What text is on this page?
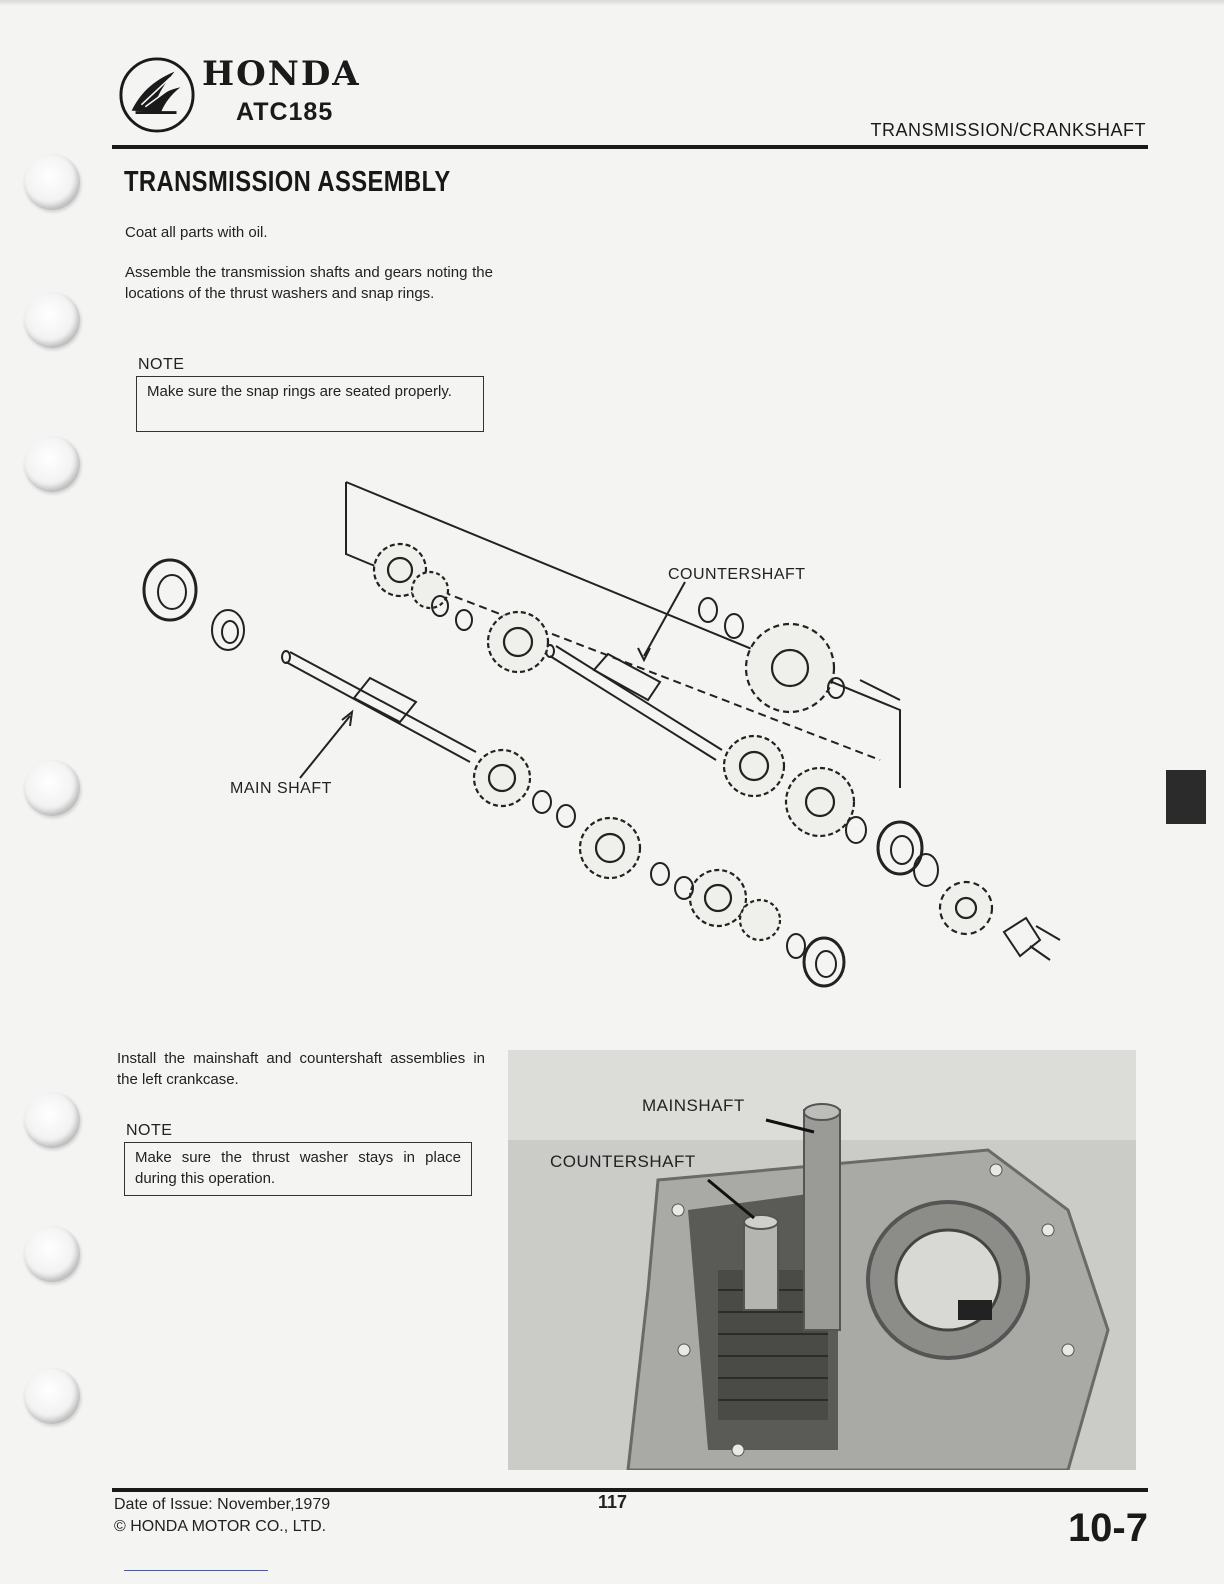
HONDA
ATC185
TRANSMISSION/CRANKSHAFT
TRANSMISSION ASSEMBLY
Coat all parts with oil.
Assemble the transmission shafts and gears noting the locations of the thrust washers and snap rings.
NOTE
Make sure the snap rings are seated properly.
COUNTERSHAFT
MAIN SHAFT
Install the mainshaft and countershaft assemblies in the left crankcase.
NOTE
Make sure the thrust washer stays in place during this operation.
MAINSHAFT
COUNTERSHAFT
Date of Issue: November,1979
© HONDA MOTOR CO., LTD.
117
10-7
